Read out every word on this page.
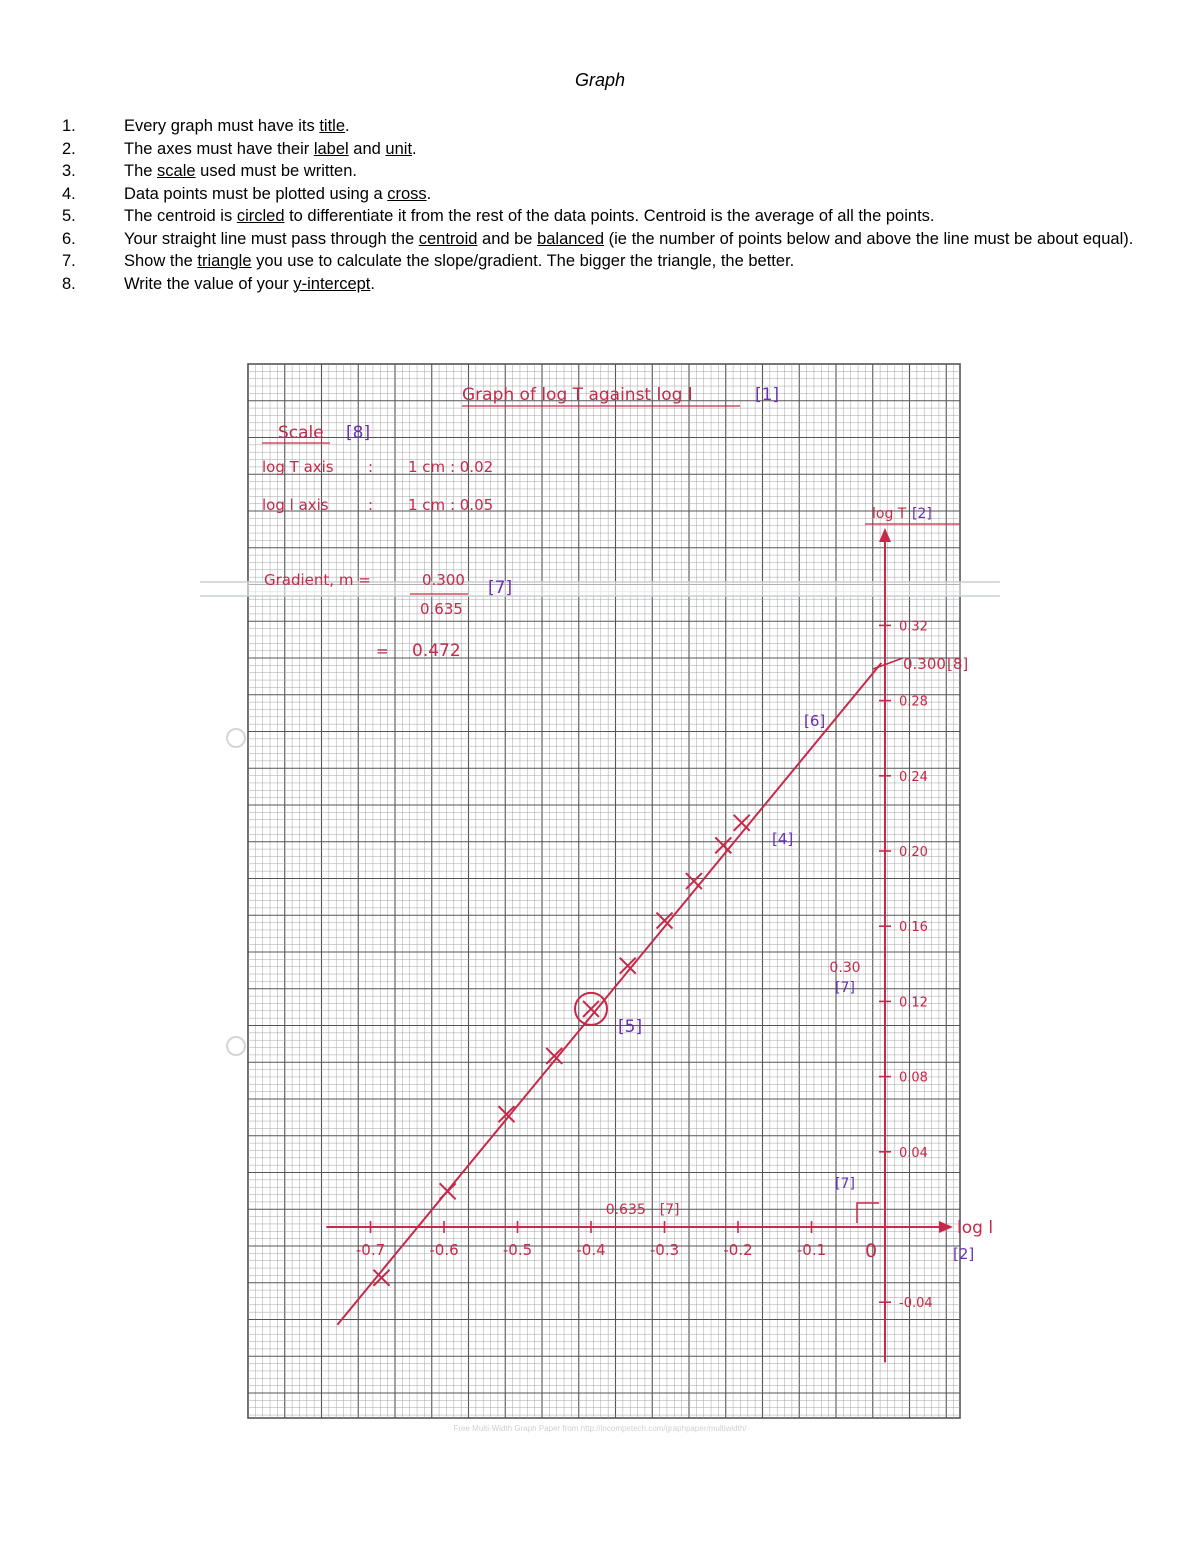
Graph
1.	Every graph must have its title.
2.	The axes must have their label and unit.
3.	The scale used must be written.
4.	Data points must be plotted using a cross.
5.	The centroid is circled to differentiate it from the rest of the data points. Centroid is the average of all the points.
6.	Your straight line must pass through the centroid and be balanced (ie the number of points below and above the line must be about equal).
7.	Show the triangle you use to calculate the slope/gradient. The bigger the triangle, the better.
8.	Write the value of your y-intercept.
-0.7	-0.6	-0.5	-0.4	-0.3	-0.2	-0.1 0
0.32
0.28
0.24
0.20
0.16
0.12
0.08
0.04
-0.04
Graph of log T against log l	[1]
Scale [8]
log T axis : 1 cm : 0.02
log l axis	: 1 cm : 0.05
Gradient, m =	0.300
0.635
[7]
= 0.472
log T [2]
log l
[2]
0.300 [8]
0.30
[7]
0.635 [7]
[7]
[6]
[4]
[5]
Free Multi-Width Graph Paper from http://incompetech.com/graphpaper/multiwidth/
